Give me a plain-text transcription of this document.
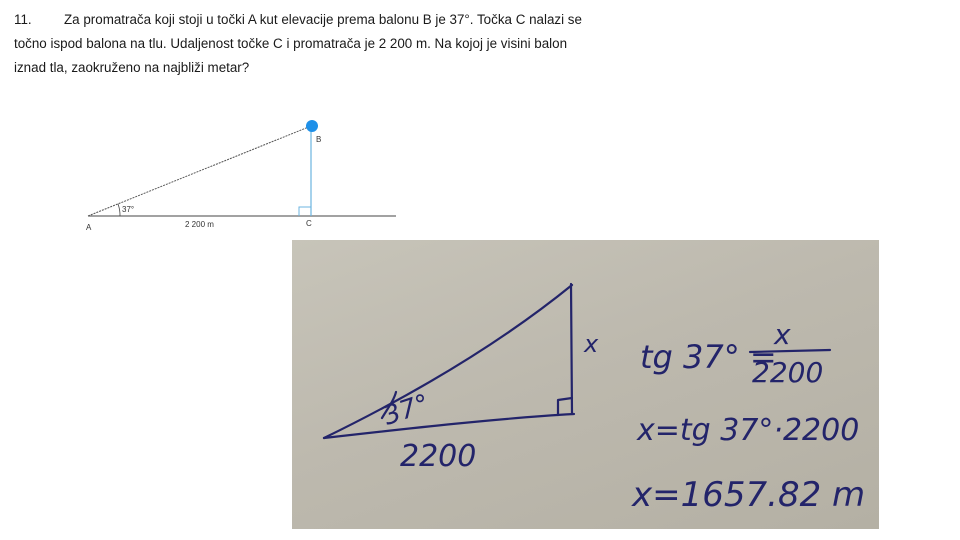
11. Za promatrača koji stoji u točki A kut elevacije prema balonu B je 37°. Točka C nalazi se
točno ispod balona na tlu. Udaljenost točke C i promatrača je 2 200 m. Na kojoj je visini balon
iznad tla, zaokruženo na najbliži metar?
37°
A
B
C
2 200 m
37°
2200
x tg 37° =
x
2200
x=tg 37°·2200
x=1657.82 m
